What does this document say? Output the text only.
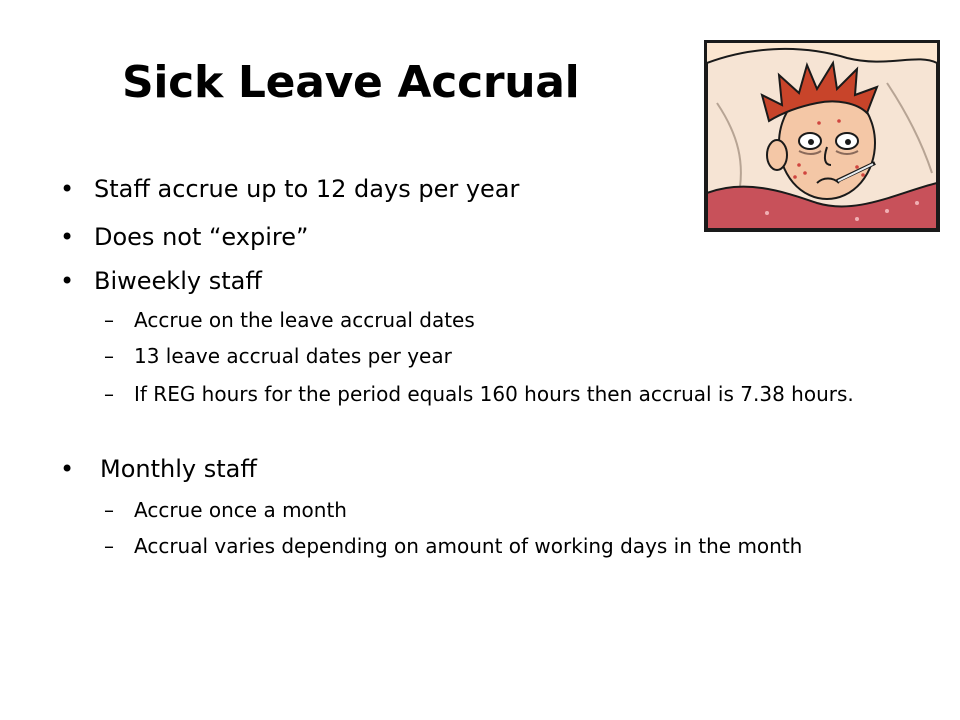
Sick Leave Accrual
• Staff accrue up to 12 days per year
• Does not “expire”
• Biweekly staff
–	Accrue on the leave accrual dates
–	13 leave accrual dates per year
–	If REG hours for the period equals 160 hours then accrual is 7.38 hours.
• Monthly staff
–	Accrue once a month
–	Accrual varies depending on amount of working days in the month
